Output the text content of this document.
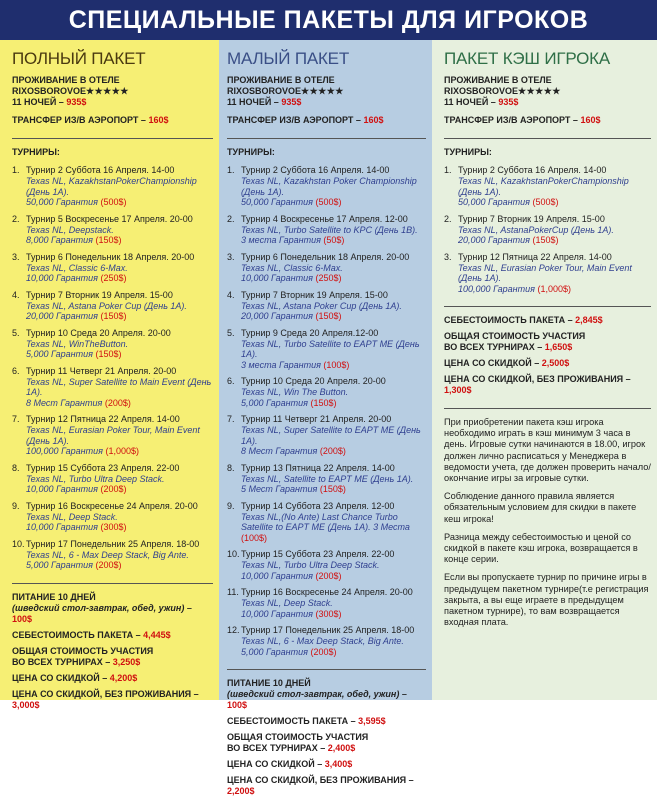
СПЕЦИАЛЬНЫЕ ПАКЕТЫ ДЛЯ ИГРОКОВ
ПОЛНЫЙ ПАКЕТ
ПРОЖИВАНИЕ В ОТЕЛЕ RIXOSBOROVOE★★★★★
11 НОЧЕЙ – 935$
ТРАНСФЕР ИЗ/В АЭРОПОРТ – 160$
ТУРНИРЫ:
1. Турнир 2 Суббота 16 Апреля. 14-00
Texas NL, KazakhstanPokerChampionship (День 1А).
50,000 Гарантия (500$)
2. Турнир 5 Воскресенье 17 Апреля. 20-00
Texas NL, Deepstack.
8,000 Гарантия (150$)
3. Турнир 6 Понедельник 18 Апреля. 20-00
Texas NL, Classic 6-Max.
10,000 Гарантия (250$)
4. Турнир 7 Вторник 19 Апреля. 15-00
Texas NL, Astana Poker Cup (День 1А).
20,000 Гарантия (150$)
5. Турнир 10 Среда 20 Апреля. 20-00
Texas NL, WinTheButton.
5,000 Гарантия (150$)
6. Турнир 11 Четверг 21 Апреля. 20-00
Texas NL, Super Satellite to Main Event (День 1А).
8 Мест Гарантия (200$)
7. Турнир 12 Пятница 22 Апреля. 14-00
Texas NL, Eurasian Poker Tour, Main Event (День 1А).
100,000 Гарантия (1,000$)
8. Турнир 15 Суббота 23 Апреля. 22-00
Texas NL, Turbo Ultra Deep Stack.
10,000 Гарантия (200$)
9. Турнир 16 Воскресенье 24 Апреля. 20-00
Texas NL, Deep Stack.
10,000 Гарантия (300$)
10. Турнир 17 Понедельник 25 Апреля. 18-00
Texas NL, 6 - Max Deep Stack, Big Ante.
5,000 Гарантия (200$)
ПИТАНИЕ 10 ДНЕЙ
(шведский стол-завтрак, обед, ужин) – 100$
СЕБЕСТОИМОСТЬ ПАКЕТА – 4,445$
ОБЩАЯ СТОИМОСТЬ УЧАСТИЯ
ВО ВСЕХ ТУРНИРАХ – 3,250$
ЦЕНА СО СКИДКОЙ – 4,200$
ЦЕНА СО СКИДКОЙ, БЕЗ ПРОЖИВАНИЯ – 3,000$
МАЛЫЙ ПАКЕТ
ПРОЖИВАНИЕ В ОТЕЛЕ RIXOSBOROVOE★★★★★
11 НОЧЕЙ – 935$
ТРАНСФЕР ИЗ/В АЭРОПОРТ – 160$
ТУРНИРЫ:
1. Турнир 2 Суббота 16 Апреля. 14-00
Texas NL, Kazakhstan Poker Championship (День 1А).
50,000 Гарантия (500$)
2. Турнир 4 Воскресенье 17 Апреля. 12-00
Texas NL, Turbo Satellite to KPC (День 1В).
3 места Гарантия (50$)
3. Турнир 6 Понедельник 18 Апреля. 20-00
Texas NL, Classic 6-Max.
10,000 Гарантия (250$)
4. Турнир 7 Вторник 19 Апреля. 15-00
Texas NL, Astana Poker Cup (День 1А).
20,000 Гарантия (150$)
5. Турнир 9 Среда 20 Апреля.12-00
Texas NL, Turbo Satellite to EAPT ME (День 1А).
3 места Гарантия (100$)
6. Турнир 10 Среда 20 Апреля. 20-00
Texas NL, Win The Button.
5,000 Гарантия (150$)
7. Турнир 11 Четверг 21 Апреля. 20-00
Texas NL, Super Satellite to EAPT ME (День 1А).
8 Мест Гарантия (200$)
8. Турнир 13 Пятница 22 Апреля. 14-00
Texas NL, Satellite to EAPT ME (День 1А).
5 Мест Гарантия (150$)
9. Турнир 14 Суббота 23 Апреля. 12-00
Texas NL,(No Ante) Last Chance Turbo Satellite to EAPT ME (День 1А). 3 Места (100$)
10. Турнир 15 Суббота 23 Апреля. 22-00
Texas NL, Turbo Ultra Deep Stack.
10,000 Гарантия (200$)
11. Турнир 16 Воскресенье 24 Апреля. 20-00
Texas NL, Deep Stack.
10,000 Гарантия (300$)
12. Турнир 17 Понедельник 25 Апреля. 18-00
Texas NL, 6 - Max Deep Stack, Big Ante.
5,000 Гарантия (200$)
ПИТАНИЕ 10 ДНЕЙ
(шведский стол-завтрак, обед, ужин) – 100$
СЕБЕСТОИМОСТЬ ПАКЕТА – 3,595$
ОБЩАЯ СТОИМОСТЬ УЧАСТИЯ
ВО ВСЕХ ТУРНИРАХ – 2,400$
ЦЕНА СО СКИДКОЙ – 3,400$
ЦЕНА СО СКИДКОЙ, БЕЗ ПРОЖИВАНИЯ – 2,200$
ПАКЕТ КЭШ ИГРОКА
ПРОЖИВАНИЕ В ОТЕЛЕ RIXOSBOROVOE★★★★★
11 НОЧЕЙ – 935$
ТРАНСФЕР ИЗ/В АЭРОПОРТ – 160$
ТУРНИРЫ:
1. Турнир 2 Суббота 16 Апреля. 14-00
Texas NL, KazakhstanPokerChampionship (День 1А).
50,000 Гарантия (500$)
2. Турнир 7 Вторник 19 Апреля. 15-00
Texas NL, AstanaPokerCup (День 1А).
20,000 Гарантия (150$)
3. Турнир 12 Пятница 22 Апреля. 14-00
Texas NL, Eurasian Poker Tour, Main Event (День 1А).
100,000 Гарантия (1,000$)
СЕБЕСТОИМОСТЬ ПАКЕТА – 2,845$
ОБЩАЯ СТОИМОСТЬ УЧАСТИЯ
ВО ВСЕХ ТУРНИРАХ – 1,650$
ЦЕНА СО СКИДКОЙ – 2,500$
ЦЕНА СО СКИДКОЙ, БЕЗ ПРОЖИВАНИЯ – 1,300$
При приобретении пакета кэш игрока необходимо играть в кэш минимум 3 часа в день. Игровые сутки начинаются в 18.00, игрок должен лично расписаться у Менеджера в ведомости учета, где должен проверить начало/окончание игры за игровые сутки.
Соблюдение данного правила является обязательным условием для скидки в пакете кеш игрока!
Разница между себестоимостью и ценой со скидкой в пакете кэш игрока, возвращается в конце серии.
Если вы пропускаете турнир по причине игры в предыдущем пакетном турнире(т.е регистрация закрыта, а вы еще играете в предыдущем пакетном турнире), то вам возвращается входная плата.
